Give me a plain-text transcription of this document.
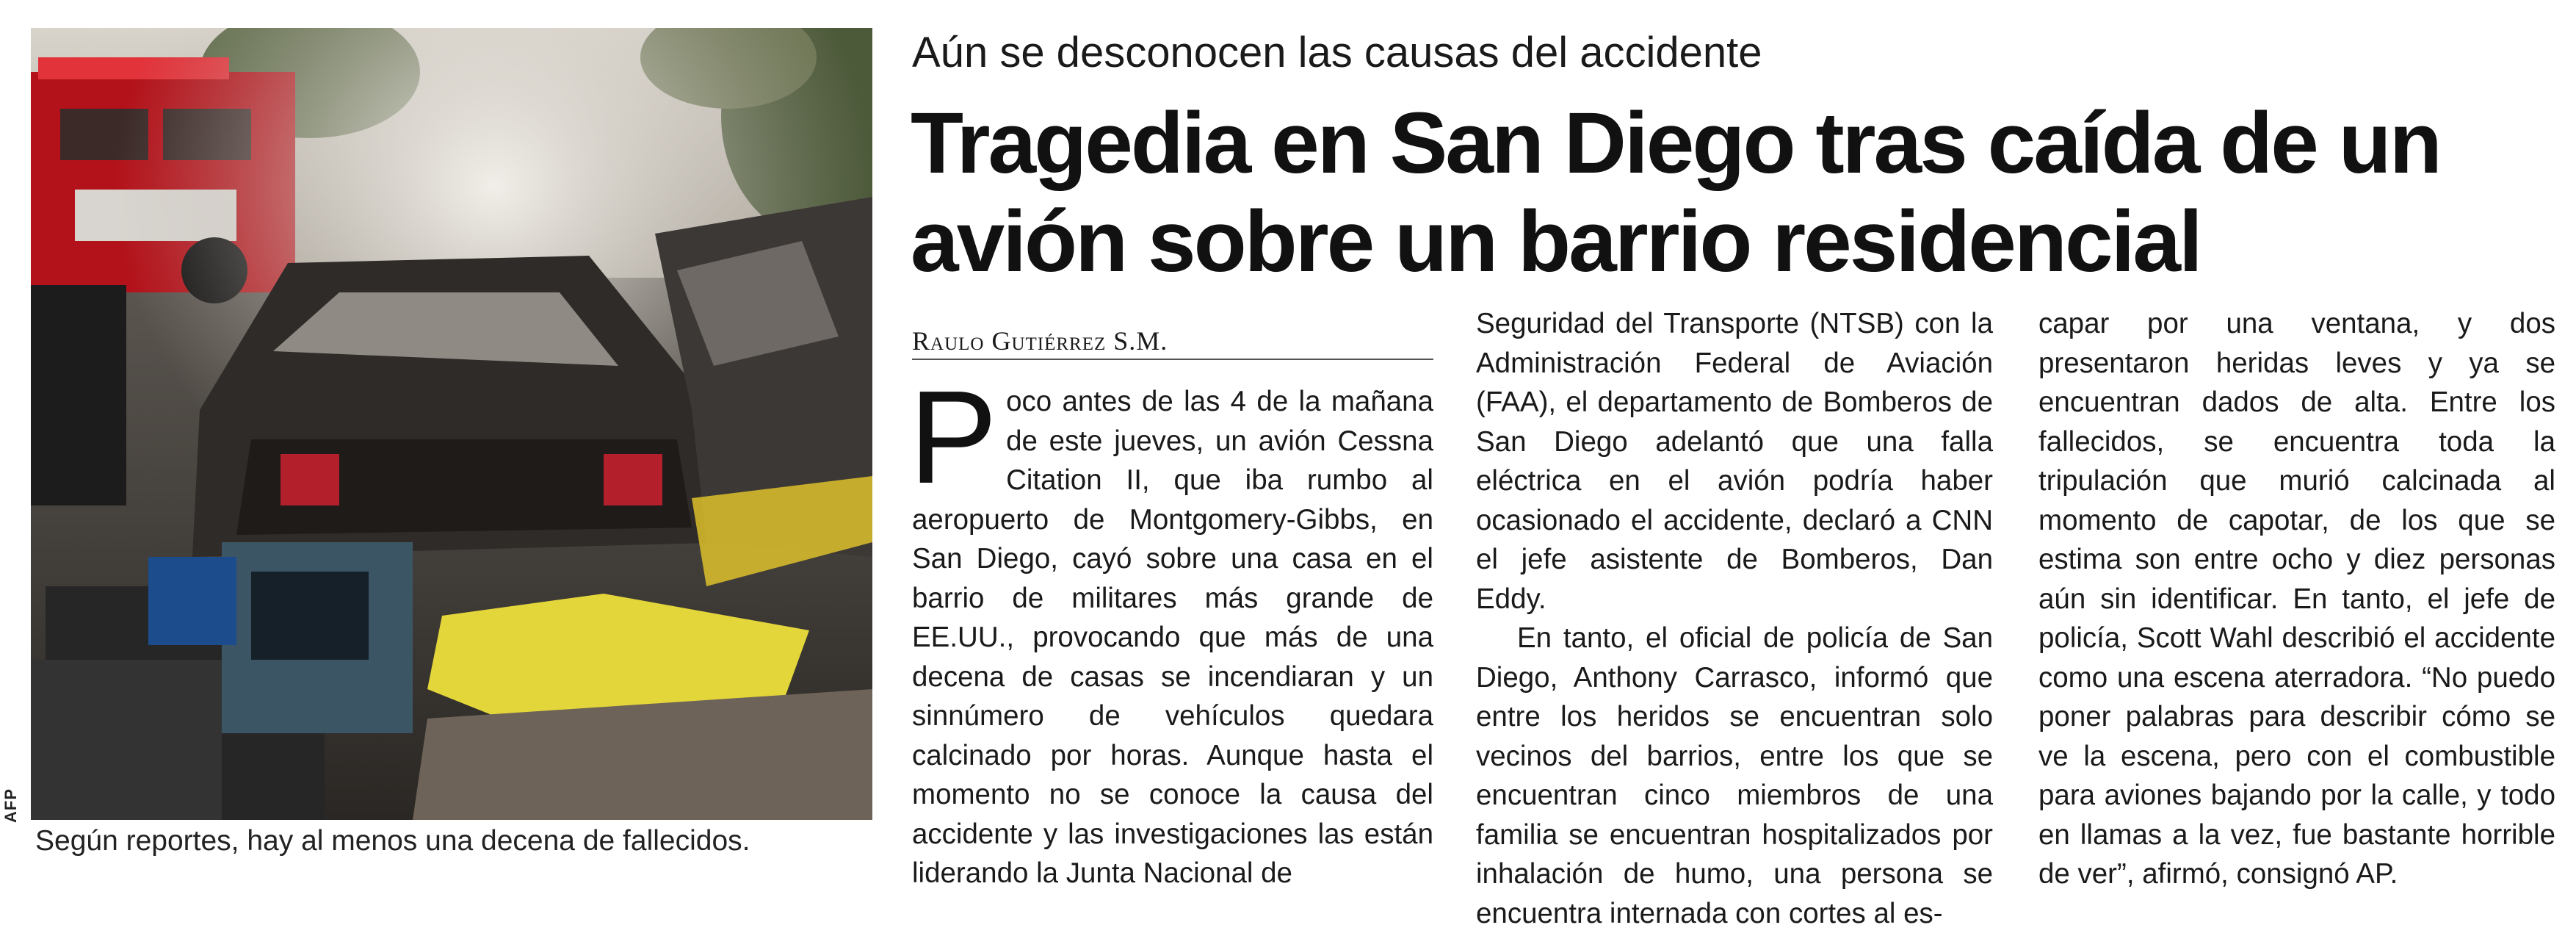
AFP
Según reportes, hay al menos una decena de fallecidos.
Aún se desconocen las causas del accidente
Tragedia en San Diego tras caída de un avión sobre un barrio residencial
Raulo Gutiérrez S.M.

Poco antes de las 4 de la mañana de este jueves, un avión Cessna Citation II, que iba rumbo al aeropuerto de Montgomery-Gibbs, en San Diego, cayó sobre una casa en el barrio de militares más grande de EE.UU., provocando que más de una decena de casas se incendiaran y un sinnúmero de vehículos quedara calcinado por horas. Aunque hasta el momento no se conoce la causa del accidente y las investigaciones las están liderando la Junta Nacional de

Seguridad del Transporte (NTSB) con la Administración Federal de Aviación (FAA), el departamento de Bomberos de San Diego adelantó que una falla eléctrica en el avión podría haber ocasionado el accidente, declaró a CNN el jefe asistente de Bomberos, Dan Eddy.

En tanto, el oficial de policía de San Diego, Anthony Carrasco, informó que entre los heridos se encuentran solo vecinos del barrios, entre los que se encuentran cinco miembros de una familia se encuentran hospitalizados por inhalación de humo, una persona se encuentra internada con cortes al es-

capar por una ventana, y dos presentaron heridas leves y ya se encuentran dados de alta. Entre los fallecidos, se encuentra toda la tripulación que murió calcinada al momento de capotar, de los que se estima son entre ocho y diez personas aún sin identificar. En tanto, el jefe de policía, Scott Wahl describió el accidente como una escena aterradora. “No puedo poner palabras para describir cómo se ve la escena, pero con el combustible para aviones bajando por la calle, y todo en llamas a la vez, fue bastante horrible de ver”, afirmó, consignó AP.
